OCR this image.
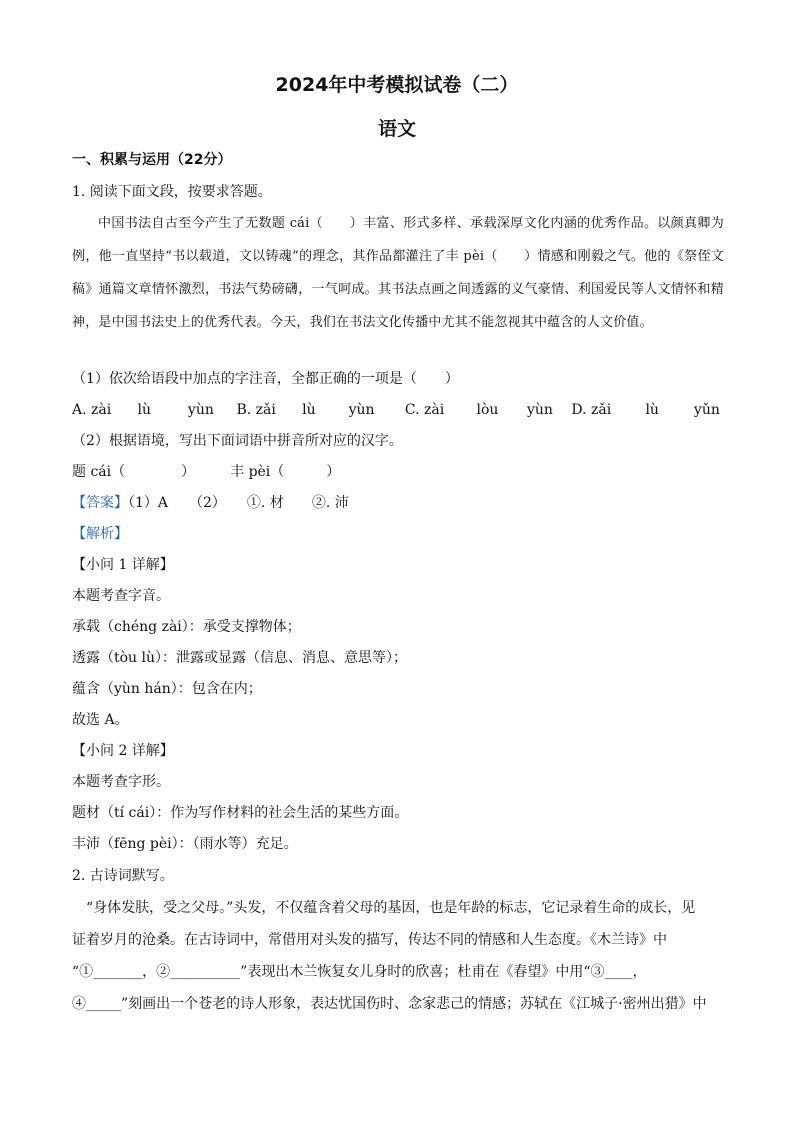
2024年中考模拟试卷（二）
语文
一、积累与运用（22分）
1. 阅读下面文段，按要求答题。

中国书法自古至今产生了无数题 cái（　　）丰富、形式多样、承载深厚文化内涵的优秀作品。以颜真卿为例，他一直坚持“书以载道，文以铸魂”的理念，其作品都灌注了丰 pèi（　　）情感和刚毅之气。他的《祭侄文稿》通篇文章情怀激烈，书法气势磅礴，一气呵成。其书法点画之间透露的义气豪情、利国爱民等人文情怀和精神，是中国书法史上的优秀代表。今天，我们在书法文化传播中尤其不能忽视其中蕴含的人文价值。

（1）依次给语段中加点的字注音，全都正确的一项是（　　）
A. zài lù	yùn B. zǎi lù yùn C. zài lòu yùn D. zǎi lù yǔn
（2）根据语境，写出下面词语中拼音所对应的汉字。
题 cái（　　　　）　　　丰 pèi（　　　）
【答案】（1）A　　（2）　　①. 材　　②. 沛
【解析】
【小问 1 详解】
本题考查字音。
承载（chéng zài）：承受支撑物体；
透露（tòu lù）：泄露或显露（信息、消息、意思等）；
蕴含（yùn hán）：包含在内；
故选 A。
【小问 2 详解】
本题考查字形。
题材（tí cái）：作为写作材料的社会生活的某些方面。
丰沛（fēng pèi）：（雨水等）充足。
2. 古诗词默写。
“身体发肤，受之父母。”头发，不仅蕴含着父母的基因，也是年龄的标志，它记录着生命的成长，见
证着岁月的沧桑。在古诗词中，常借用对头发的描写，传达不同的情感和人生态度。《木兰诗》中
“①_______，②__________”表现出木兰恢复女儿身时的欣喜；杜甫在《春望》中用“③____，
④_____”刻画出一个苍老的诗人形象，表达忧国伤时、念家悲己的情感；苏轼在《江城子·密州出猎》中
